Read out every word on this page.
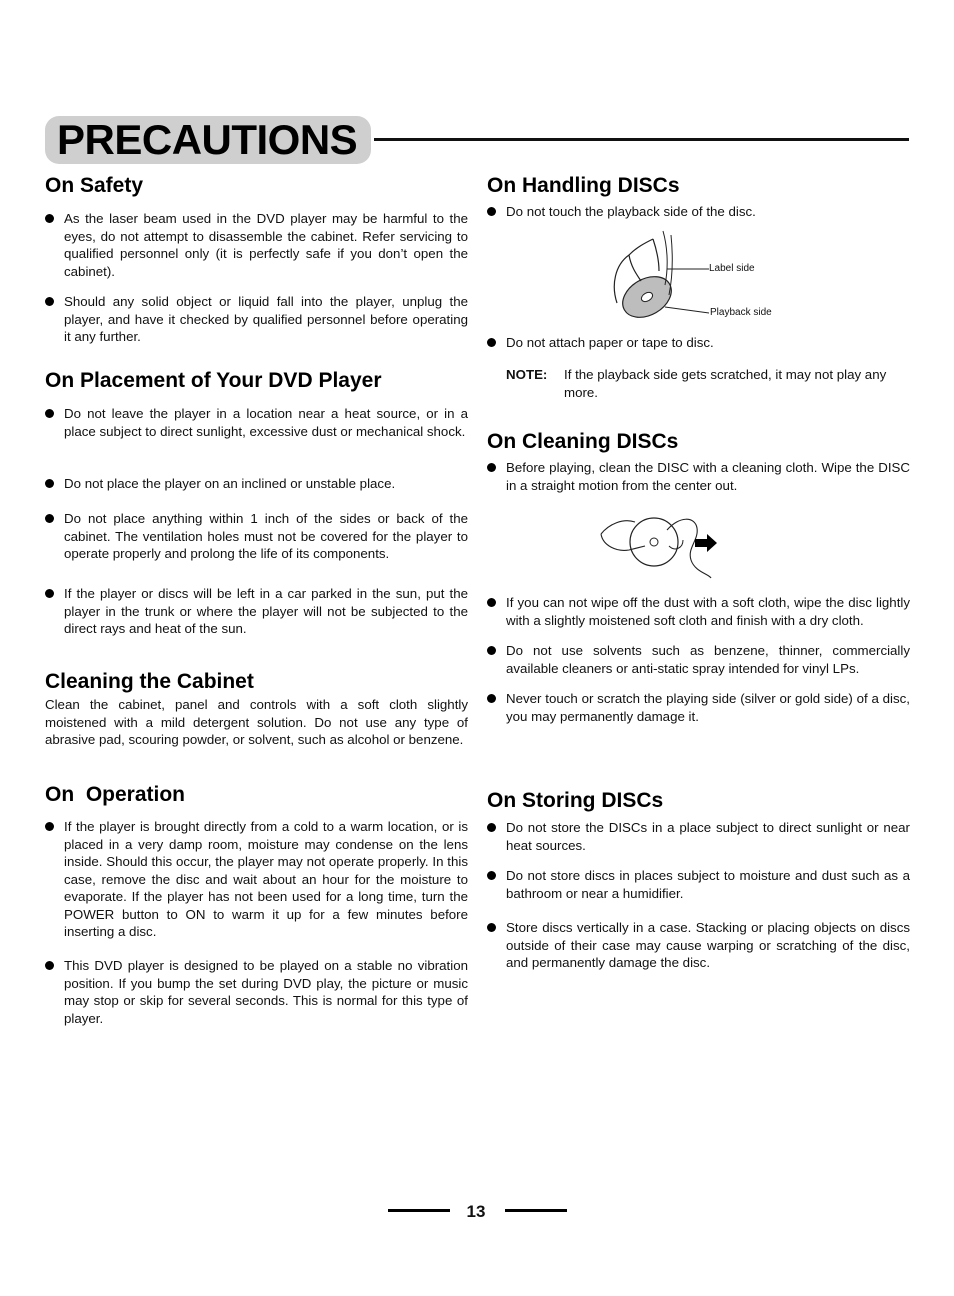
PRECAUTIONS
On Safety
As the laser beam used in the DVD player may be harmful to the eyes, do not attempt to disassemble the cabinet. Refer servicing to qualified personnel only (it is perfectly safe if you don’t open the cabinet).
Should any solid object or liquid fall into the player, unplug the player, and have it checked by qualified personnel before operating it any further.
On Placement of Your DVD Player
Do not leave the player in a location near a heat source, or in a place subject to direct sunlight, excessive dust or mechanical shock.
Do not place the player on an inclined or unstable place.
Do not place anything within 1 inch of the sides or back of the cabinet. The ventilation holes must not be covered for the player to operate properly and prolong the life of its components.
If the player or discs will be left in a car parked in the sun, put the player in the trunk or where the player will not be subjected to the direct rays and heat of the sun.
Cleaning the Cabinet
Clean the cabinet, panel and controls with a soft cloth slightly moistened with a mild detergent solution. Do not use any type of abrasive pad, scouring powder, or solvent, such as alcohol or benzene.
On  Operation
If the player is brought directly from a cold to a warm location, or is placed in a very damp room, moisture may condense on the lens inside. Should this occur, the player may not operate properly. In this case, remove the disc and wait about an hour for the moisture to evaporate. If the player has not been used for a long time, turn the POWER button to ON to warm it up for a few minutes before inserting a disc.
This DVD player is designed to be played on a stable no vibration position. If you bump the set during DVD play, the picture or music may stop or skip for several seconds. This is normal for this type of player.
On Handling DISCs
Do not touch the playback side of the disc.
Label side
Playback side
Do not attach paper or tape to disc.
NOTE: If the playback side gets scratched, it may not play any more.
On Cleaning DISCs
Before playing, clean the DISC with a cleaning cloth. Wipe the DISC in a straight motion from the center out.
If you can not wipe off the dust with a soft cloth, wipe the disc lightly with a slightly moistened soft cloth and finish with a dry cloth.
Do not use solvents such as benzene, thinner, commercially available cleaners or anti-static spray intended for vinyl LPs.
Never touch or scratch the playing side (silver or gold side) of a disc, you may permanently damage it.
On Storing DISCs
Do not store the DISCs in a place subject to direct sunlight or near heat sources.
Do not store discs in places subject to moisture and dust such as a bathroom or near a humidifier.
Store discs vertically in a case. Stacking or placing objects on discs outside of their case may cause warping or scratching of the disc, and permanently damage the disc.
13
